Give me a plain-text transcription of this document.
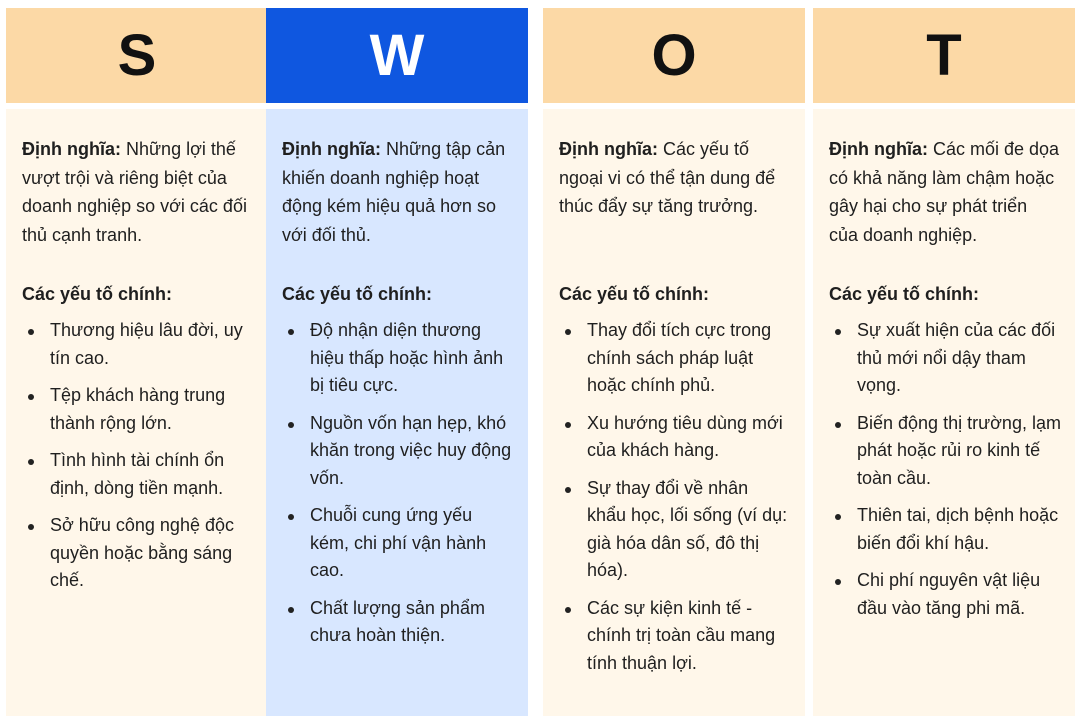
S

Định nghĩa: Những lợi thế vượt trội và riêng biệt của doanh nghiệp so với các đối thủ cạnh tranh.

Các yếu tố chính:
Thương hiệu lâu đời, uy tín cao.
Tệp khách hàng trung thành rộng lớn.
Tình hình tài chính ổn định, dòng tiền mạnh.
Sở hữu công nghệ độc quyền hoặc bằng sáng chế.
W

Định nghĩa: Những tập cản khiến doanh nghiệp hoạt động kém hiệu quả hơn so với đối thủ.

Các yếu tố chính:
Độ nhận diện thương hiệu thấp hoặc hình ảnh bị tiêu cực.
Nguồn vốn hạn hẹp, khó khăn trong việc huy động vốn.
Chuỗi cung ứng yếu kém, chi phí vận hành cao.
Chất lượng sản phẩm chưa hoàn thiện.
O

Định nghĩa: Các yếu tố ngoại vi có thể tận dung để thúc đẩy sự tăng trưởng.

Các yếu tố chính:
Thay đổi tích cực trong chính sách pháp luật hoặc chính phủ.
Xu hướng tiêu dùng mới của khách hàng.
Sự thay đổi về nhân khẩu học, lối sống (ví dụ: già hóa dân số, đô thị hóa).
Các sự kiện kinh tế - chính trị toàn cầu mang tính thuận lợi.
T

Định nghĩa: Các mối đe dọa có khả năng làm chậm hoặc gây hại cho sự phát triển của doanh nghiệp.

Các yếu tố chính:
Sự xuất hiện của các đối thủ mới nổi dậy tham vọng.
Biến động thị trường, lạm phát hoặc rủi ro kinh tế toàn cầu.
Thiên tai, dịch bệnh hoặc biến đổi khí hậu.
Chi phí nguyên vật liệu đầu vào tăng phi mã.
